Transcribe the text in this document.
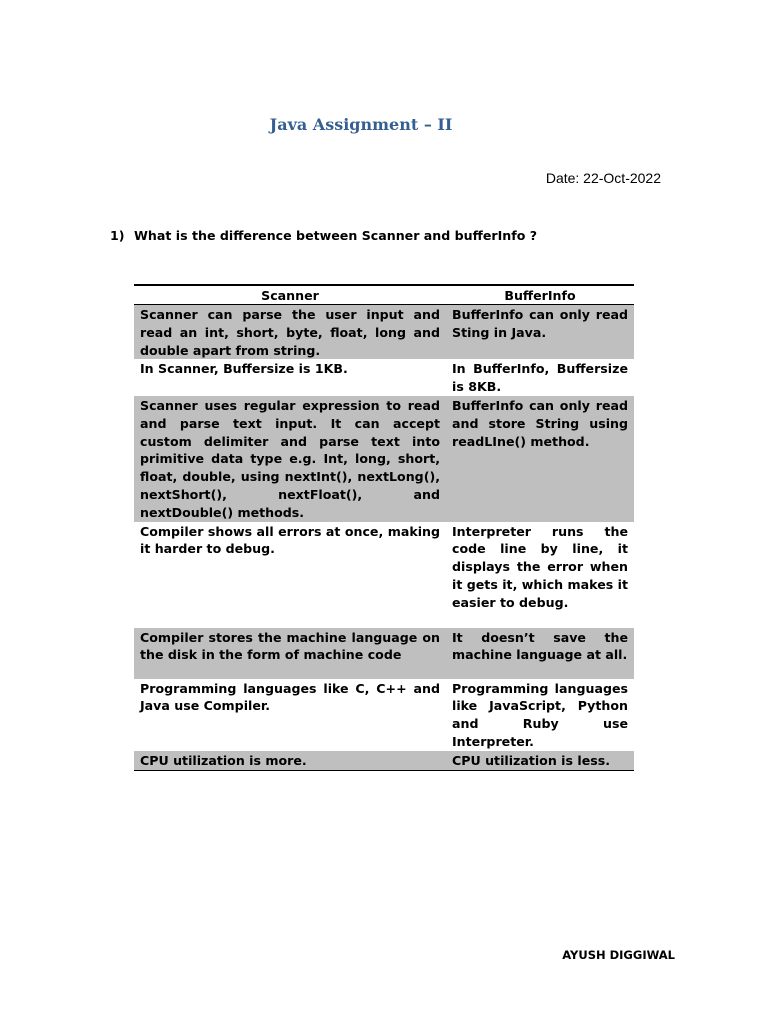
Java Assignment – II
Date: 22-Oct-2022
1) What is the difference between Scanner and bufferInfo ?
Scanner	BufferInfo
Scanner can parse the user input and read an int, short, byte, float, long and double apart from string.	BufferInfo can only read Sting in Java.
In Scanner, Buffersize is 1KB.	In BufferInfo, Buffersize is 8KB.
Scanner uses regular expression to read and parse text input. It can accept custom delimiter and parse text into primitive data type e.g. Int, long, short, float, double, using nextInt(), nextLong(), nextShort(), nextFloat(), and nextDouble() methods.	BufferInfo can only read and store String using readLIne() method.
Compiler shows all errors at once, making it harder to debug.	Interpreter runs the code line by line, it displays the error when it gets it, which makes it easier to debug.
Compiler stores the machine language on the disk in the form of machine code	It doesn’t save the machine language at all.
Programming languages like C, C++ and Java use Compiler.	Programming languages like JavaScript, Python and Ruby use Interpreter.
CPU utilization is more.	CPU utilization is less.
AYUSH DIGGIWAL
